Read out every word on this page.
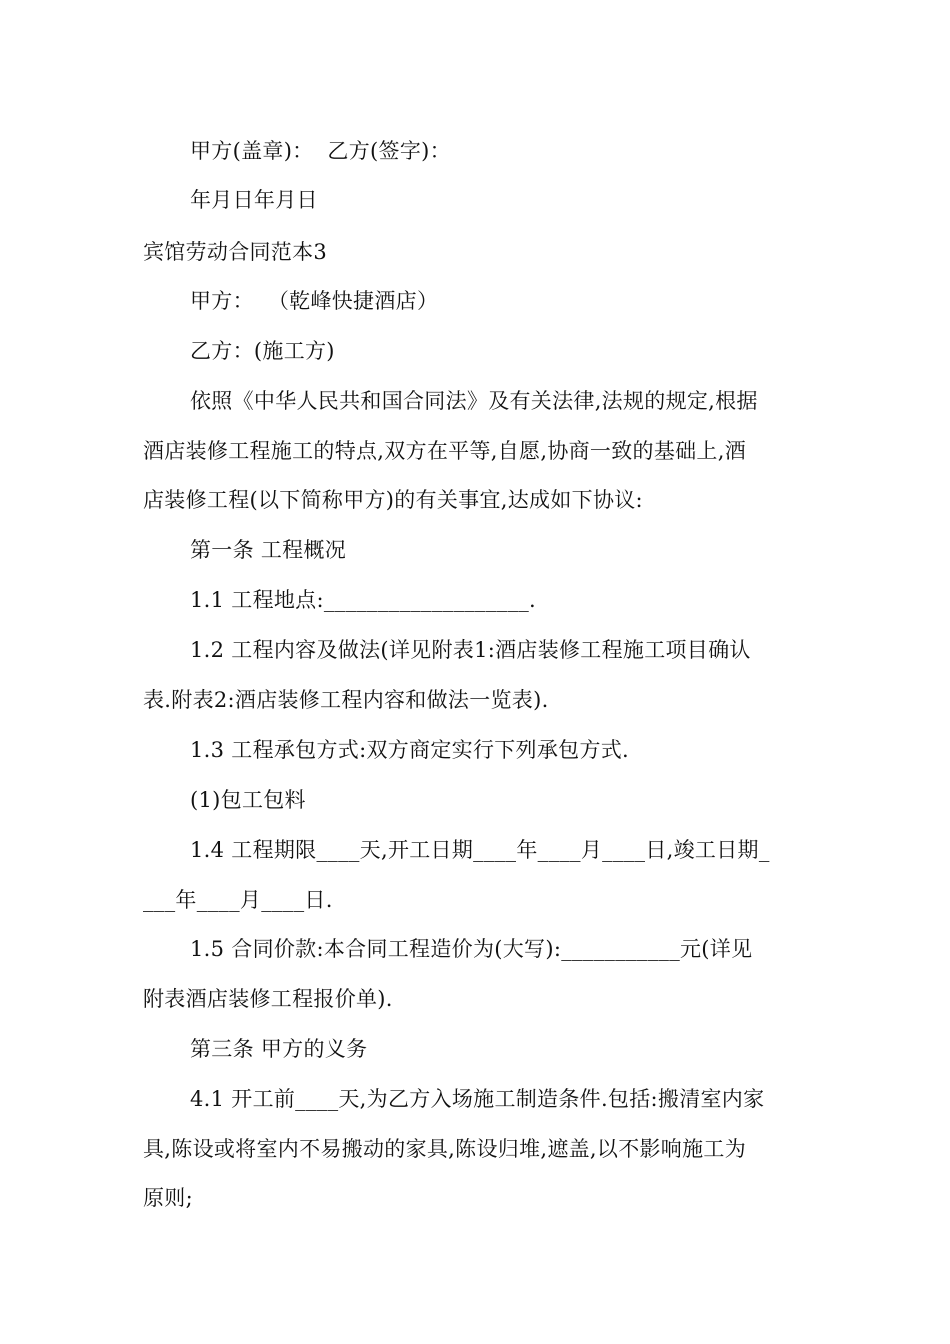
甲方(盖章)：  乙方(签字)：
年月日年月日
宾馆劳动合同范本3
甲方：  （乾峰快捷酒店）
乙方：(施工方)
依照《中华人民共和国合同法》及有关法律,法规的规定,根据
酒店装修工程施工的特点,双方在平等,自愿,协商一致的基础上,酒
店装修工程(以下简称甲方)的有关事宜,达成如下协议:
第一条 工程概况
1.1 工程地点:___________________.
1.2 工程内容及做法(详见附表1:酒店装修工程施工项目确认
表.附表2:酒店装修工程内容和做法一览表).
1.3 工程承包方式:双方商定实行下列承包方式.
(1)包工包料
1.4 工程期限____天,开工日期____年____月____日,竣工日期_
___年____月____日.
1.5 合同价款:本合同工程造价为(大写):___________元(详见
附表酒店装修工程报价单).
第三条 甲方的义务
4.1 开工前____天,为乙方入场施工制造条件.包括:搬清室内家
具,陈设或将室内不易搬动的家具,陈设归堆,遮盖,以不影响施工为
原则;
